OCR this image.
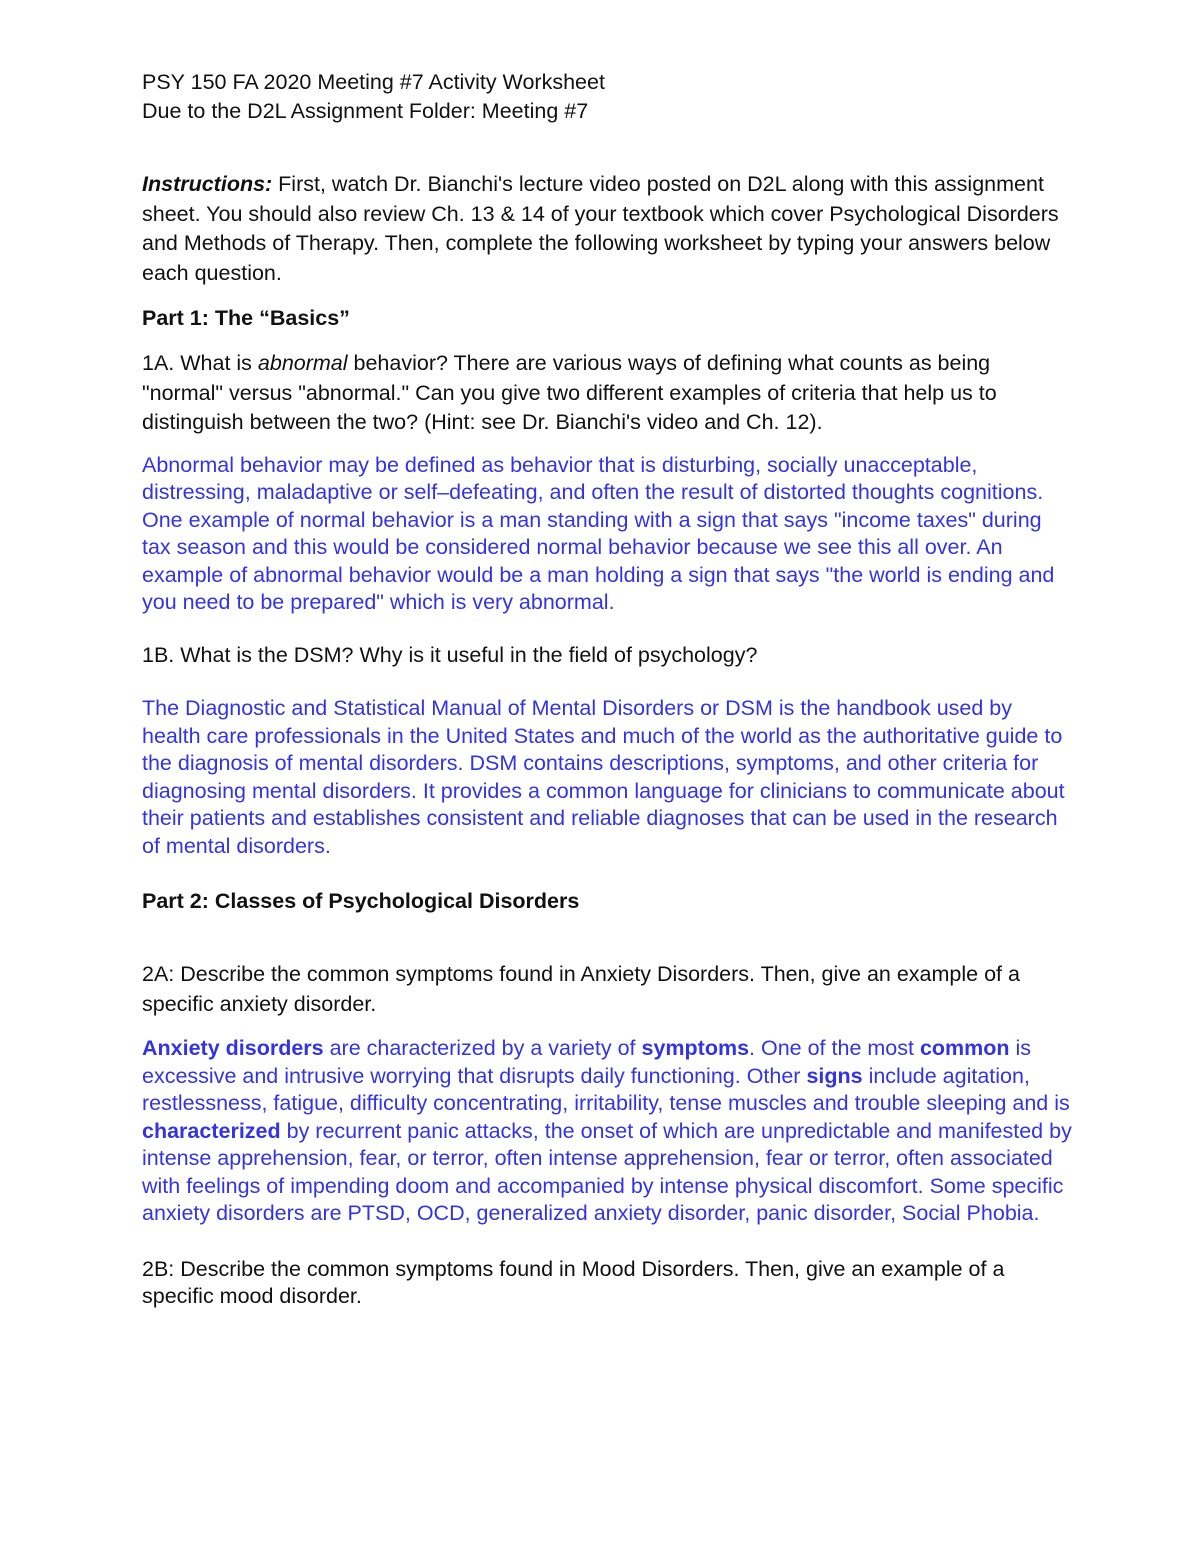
PSY 150 FA 2020 Meeting #7 Activity Worksheet

Due to the D2L Assignment Folder: Meeting #7

Instructions: First, watch Dr. Bianchi's lecture video posted on D2L along with this assignment sheet. You should also review Ch. 13 & 14 of your textbook which cover Psychological Disorders and Methods of Therapy. Then, complete the following worksheet by typing your answers below each question.

Part 1: The “Basics”

1A. What is abnormal behavior? There are various ways of defining what counts as being "normal" versus "abnormal." Can you give two different examples of criteria that help us to distinguish between the two? (Hint: see Dr. Bianchi's video and Ch. 12).

Abnormal behavior may be defined as behavior that is disturbing, socially unacceptable, distressing, maladaptive or self‒defeating, and often the result of distorted thoughts cognitions. One example of normal behavior is a man standing with a sign that says "income taxes" during tax season and this would be considered normal behavior because we see this all over. An example of abnormal behavior would be a man holding a sign that says "the world is ending and you need to be prepared" which is very abnormal.

1B. What is the DSM? Why is it useful in the field of psychology?

The Diagnostic and Statistical Manual of Mental Disorders or DSM is the handbook used by health care professionals in the United States and much of the world as the authoritative guide to the diagnosis of mental disorders. DSM contains descriptions, symptoms, and other criteria for diagnosing mental disorders. It provides a common language for clinicians to communicate about their patients and establishes consistent and reliable diagnoses that can be used in the research of mental disorders.

Part 2: Classes of Psychological Disorders

2A: Describe the common symptoms found in Anxiety Disorders. Then, give an example of a specific anxiety disorder.

Anxiety disorders are characterized by a variety of symptoms. One of the most common is excessive and intrusive worrying that disrupts daily functioning. Other signs include agitation, restlessness, fatigue, difficulty concentrating, irritability, tense muscles and trouble sleeping and is characterized by recurrent panic attacks, the onset of which are unpredictable and manifested by intense apprehension, fear, or terror, often intense apprehension, fear or terror, often associated with feelings of impending doom and accompanied by intense physical discomfort. Some specific anxiety disorders are PTSD, OCD, generalized anxiety disorder, panic disorder, Social Phobia.

2B: Describe the common symptoms found in Mood Disorders. Then, give an example of a specific mood disorder.
